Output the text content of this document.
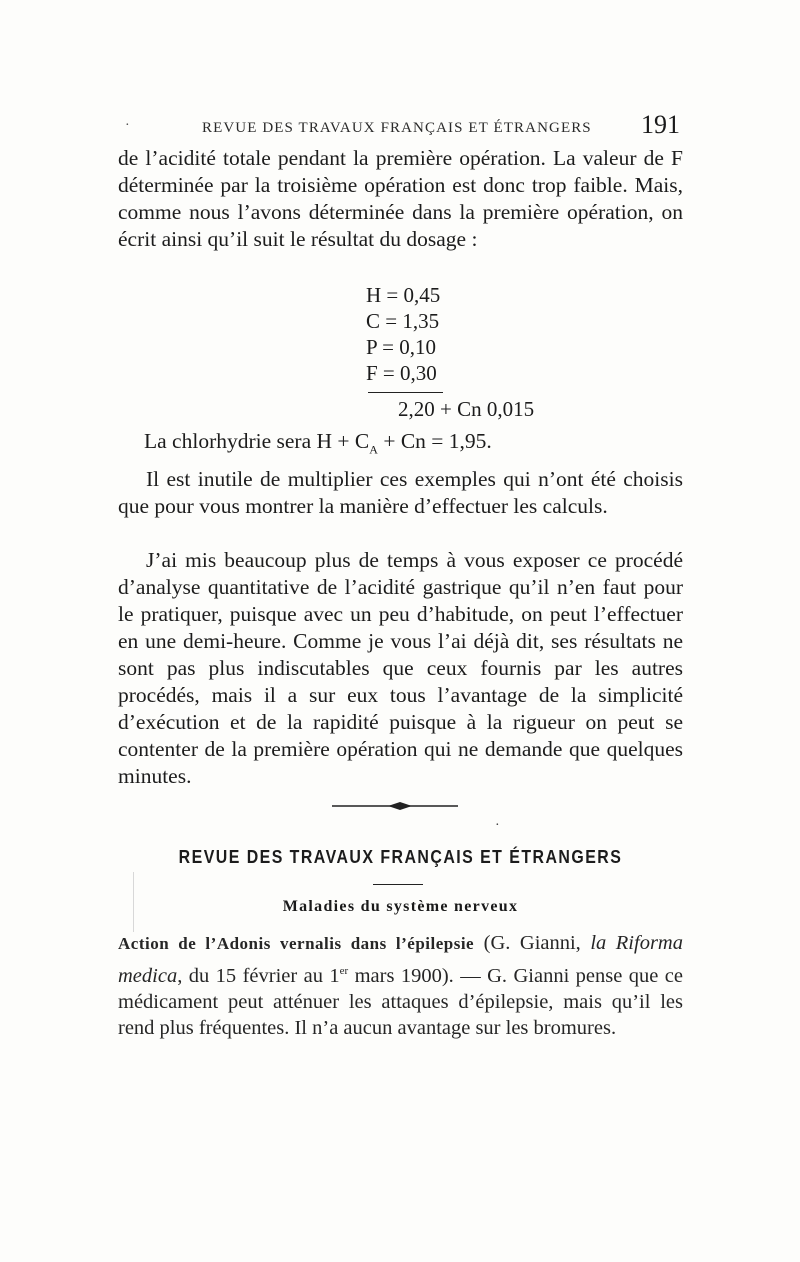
·	REVUE DES TRAVAUX FRANÇAIS ET ÉTRANGERS 191

de l’acidité totale pendant la première opération. La valeur de F déterminée par la troisième opération est donc trop faible. Mais, comme nous l’avons déterminée dans la première opération, on écrit ainsi qu’il suit le résultat du dosage :

H = 0,45
C = 1,35
P = 0,10
F = 0,30
2,20 + Cn 0,015
La chlorhydrie sera $H + C_A + Cn = 1,95$.

Il est inutile de multiplier ces exemples qui n’ont été choisis que pour vous montrer la manière d’effectuer les calculs.

J’ai mis beaucoup plus de temps à vous exposer ce procédé d’analyse quantitative de l’acidité gastrique qu’il n’en faut pour le pratiquer, puisque avec un peu d’habitude, on peut l’effectuer en une demi-heure. Comme je vous l’ai déjà dit, ses résultats ne sont pas plus indiscutables que ceux fournis par les autres procédés, mais il a sur eux tous l’avantage de la simplicité d’exécution et de la rapidité puisque à la rigueur on peut se contenter de la première opération qui ne demande que quelques minutes.

·
REVUE DES TRAVAUX FRANÇAIS ET ÉTRANGERS
Maladies du système nerveux

Action de l’Adonis vernalis dans l’épilepsie (G. Gianni, la Riforma medica, du 15 février au 1er mars 1900). — G. Gianni pense que ce médicament peut atténuer les attaques d’épilepsie, mais qu’il les rend plus fréquentes. Il n’a aucun avantage sur les bromures.
